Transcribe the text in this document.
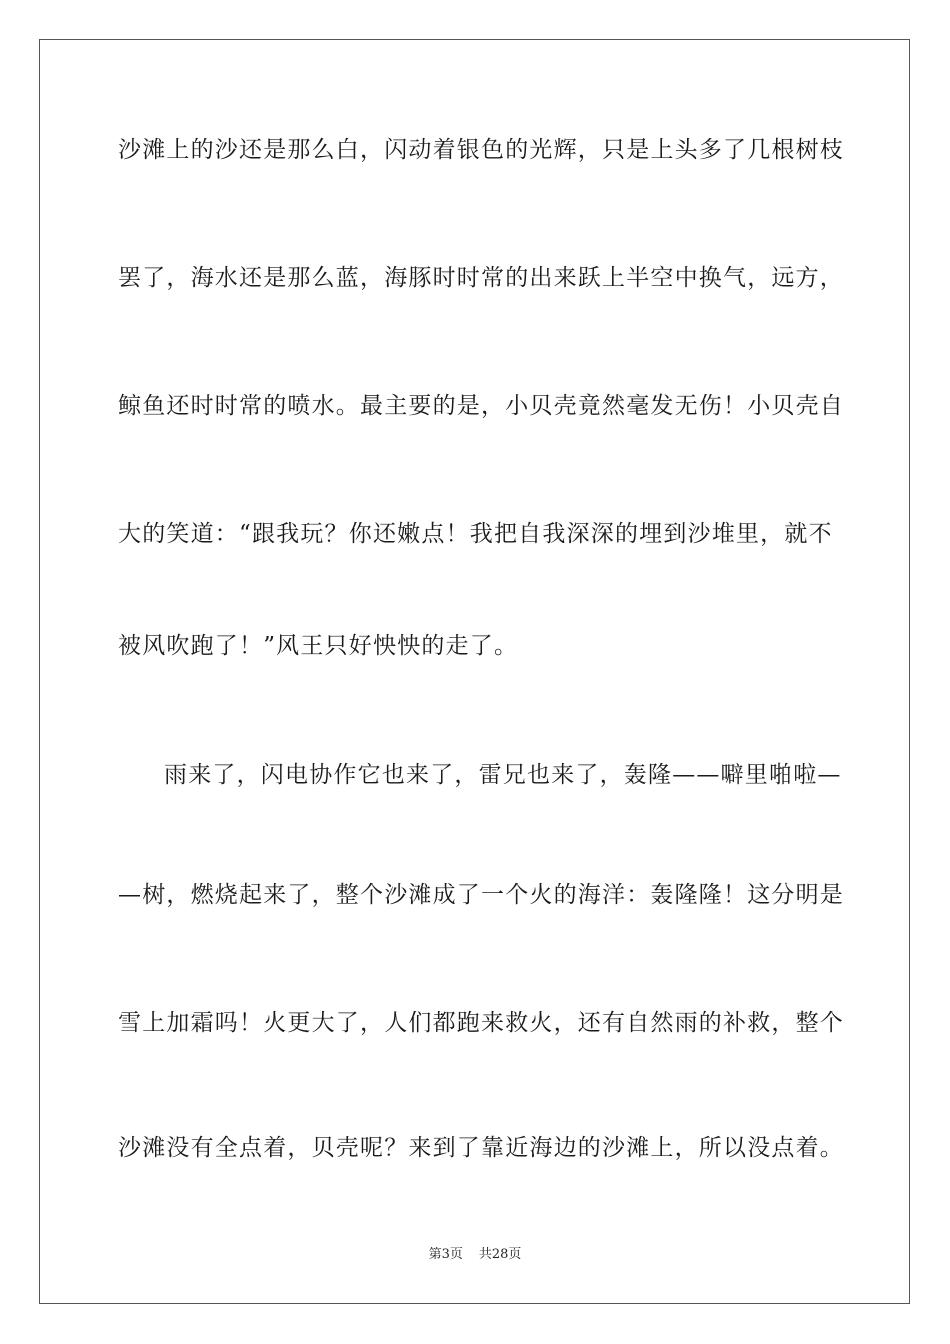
沙滩上的沙还是那么白，闪动着银色的光辉，只是上头多了几根树枝
罢了，海水还是那么蓝，海豚时时常的出来跃上半空中换气，远方，
鲸鱼还时时常的喷水。最主要的是，小贝壳竟然毫发无伤！小贝壳自
大的笑道：“跟我玩？你还嫩点！我把自我深深的埋到沙堆里，就不
被风吹跑了！”风王只好怏怏的走了。
雨来了，闪电协作它也来了，雷兄也来了，轰隆——噼里啪啦—
—树，燃烧起来了，整个沙滩成了一个火的海洋：轰隆隆！这分明是
雪上加霜吗！火更大了，人们都跑来救火，还有自然雨的补救，整个
沙滩没有全点着，贝壳呢？来到了靠近海边的沙滩上，所以没点着。
第3页 共28页
